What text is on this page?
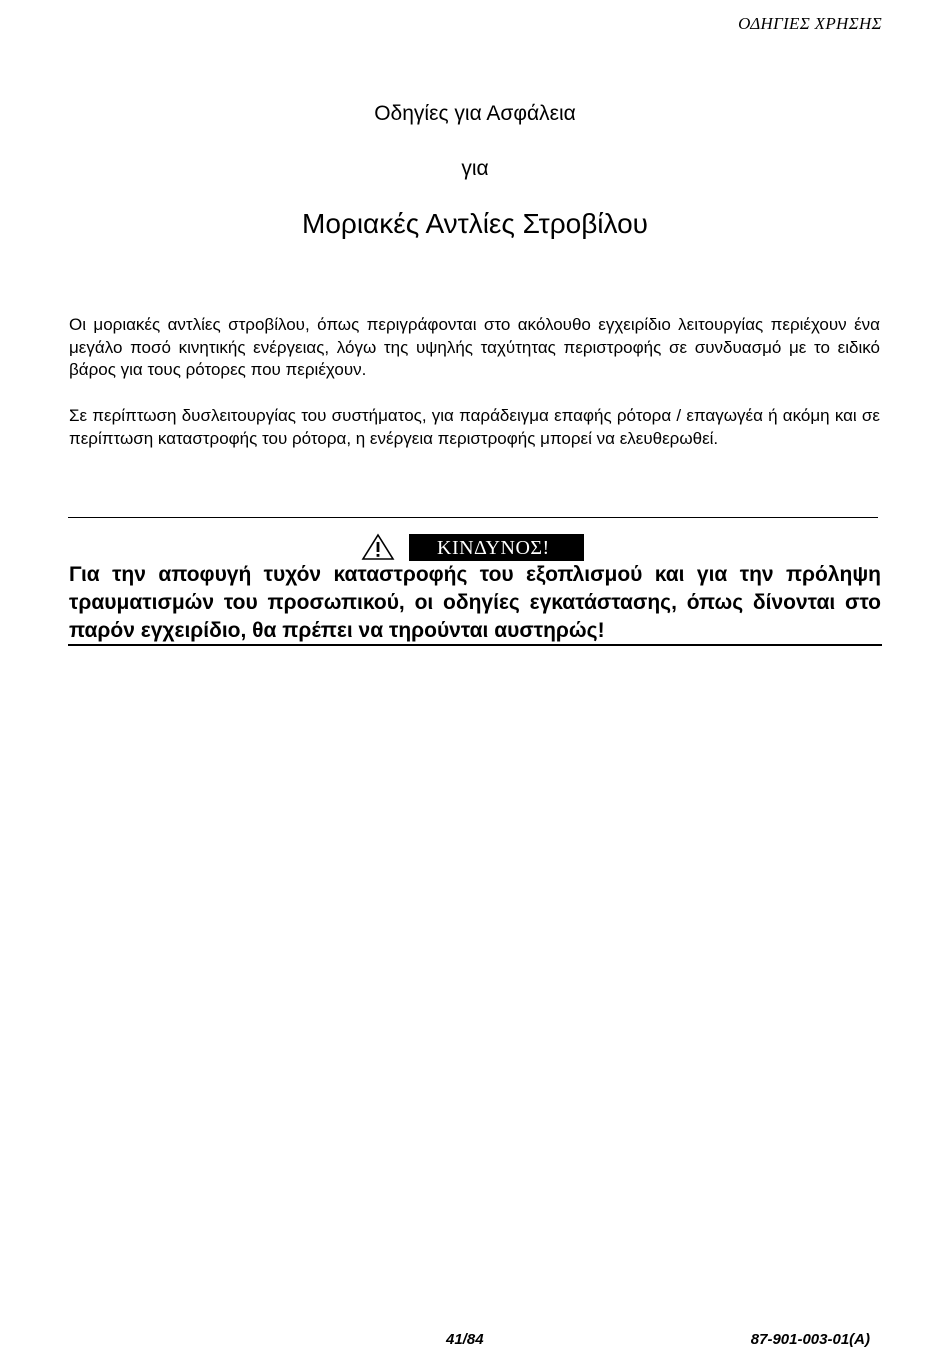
ΟΔΗΓΙΕΣ ΧΡΗΣΗΣ
Οδηγίες για Ασφάλεια
για
Μοριακές Αντλίες Στροβίλου

Οι μοριακές αντλίες στροβίλου, όπως περιγράφονται στο ακόλουθο εγχειρίδιο λειτουργίας περιέχουν ένα μεγάλο ποσό κινητικής ενέργειας, λόγω της υψηλής ταχύτητας περιστροφής σε συνδυασμό με το ειδικό βάρος για τους ρότορες που περιέχουν.

Σε περίπτωση δυσλειτουργίας του συστήματος, για παράδειγμα επαφής ρότορα / επαγωγέα ή ακόμη και σε περίπτωση καταστροφής του ρότορα, η ενέργεια περιστροφής μπορεί να ελευθερωθεί.

ΚΙΝΔΥΝΟΣ!

Για την αποφυγή τυχόν καταστροφής του εξοπλισμού και για την πρόληψη τραυματισμών του προσωπικού, οι οδηγίες εγκατάστασης, όπως δίνονται στο παρόν εγχειρίδιο, θα πρέπει να τηρούνται αυστηρώς!

41/84	87-901-003-01(A)
